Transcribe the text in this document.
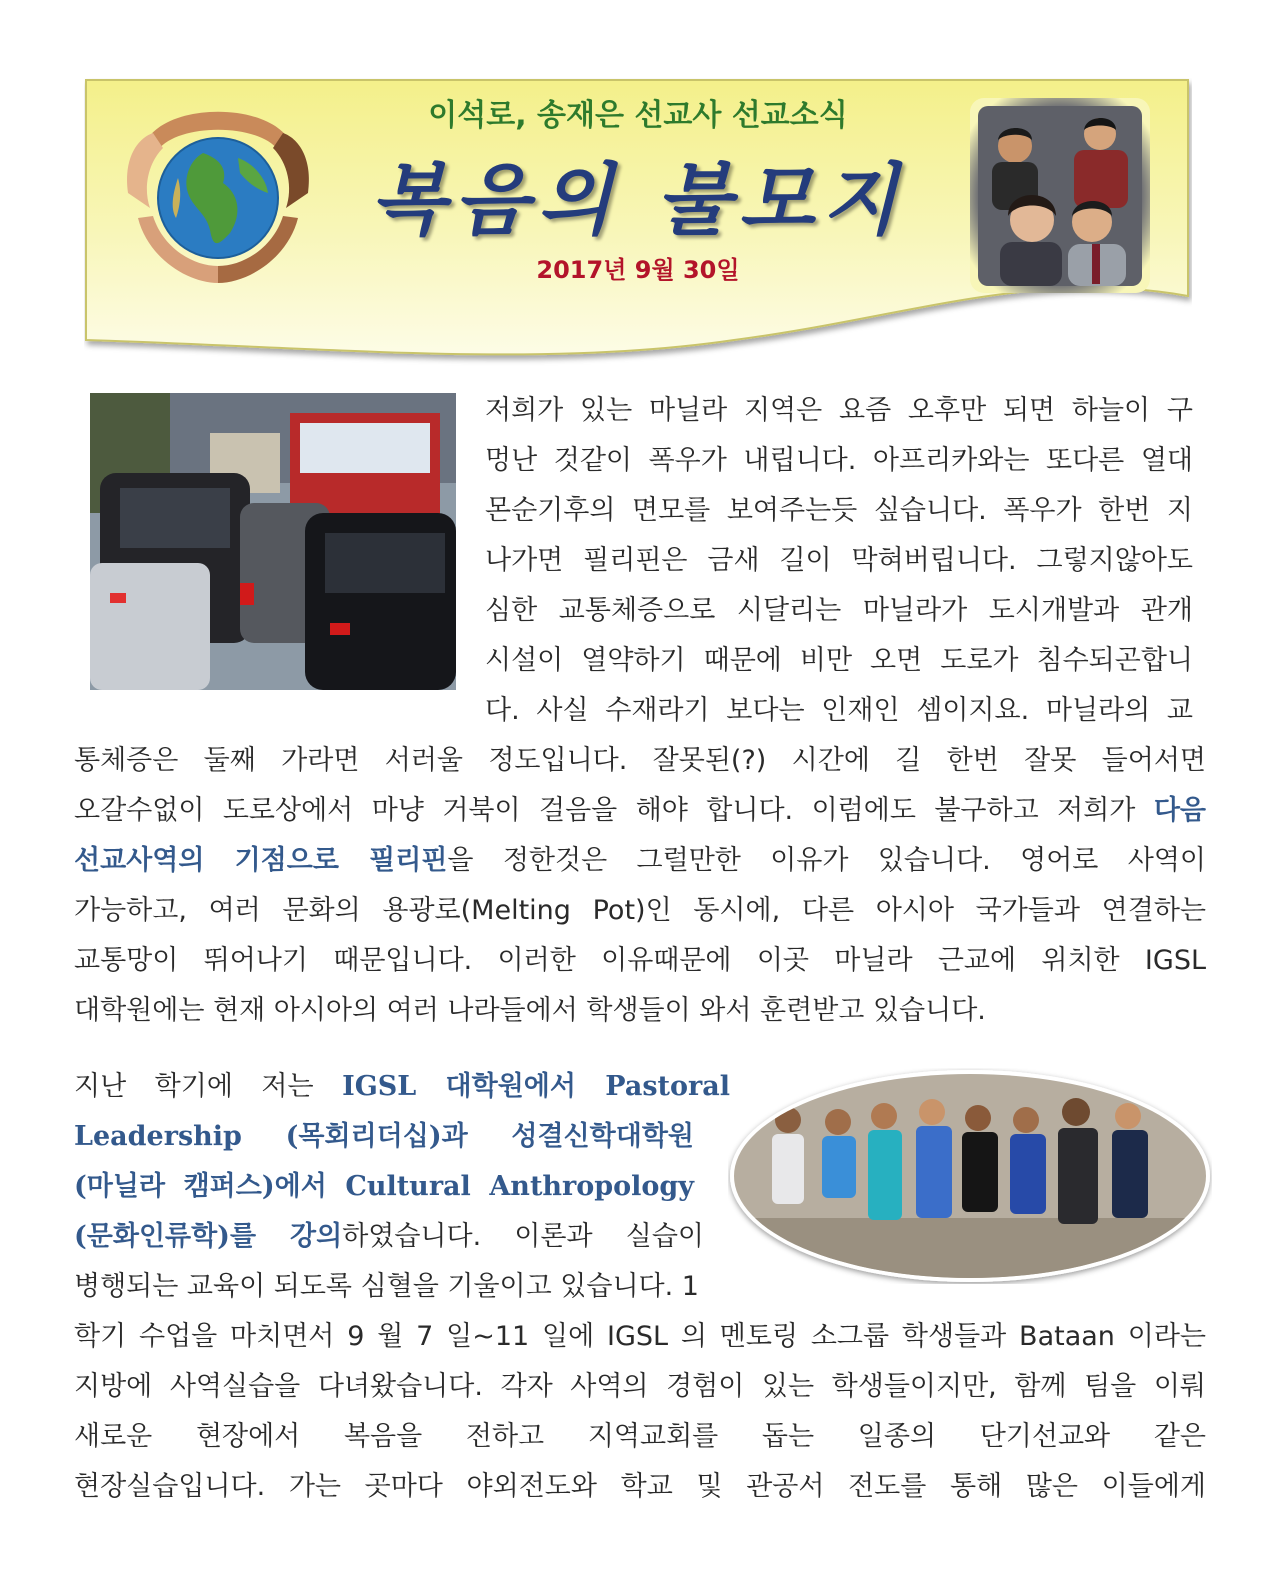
이석로, 송재은 선교사 선교소식
복음의 불모지
2017년 9월 30일
저희가 있는 마닐라 지역은 요즘 오후만 되면 하늘이 구
멍난 것같이 폭우가 내립니다. 아프리카와는 또다른 열대
몬순기후의 면모를 보여주는듯 싶습니다. 폭우가 한번 지
나가면 필리핀은 금새 길이 막혀버립니다. 그렇지않아도
심한 교통체증으로 시달리는 마닐라가 도시개발과 관개
시설이 열약하기 때문에 비만 오면 도로가 침수되곤합니
다. 사실 수재라기 보다는 인재인 셈이지요. 마닐라의 교
통체증은 둘째 가라면 서러울 정도입니다. 잘못된(?) 시간에 길 한번 잘못 들어서면
오갈수없이 도로상에서 마냥 거북이 걸음을 해야 합니다. 이럼에도 불구하고 저희가 다음
선교사역의 기점으로 필리핀을 정한것은 그럴만한 이유가 있습니다. 영어로 사역이
가능하고, 여러 문화의 용광로(Melting Pot)인 동시에, 다른 아시아 국가들과 연결하는
교통망이 뛰어나기 때문입니다. 이러한 이유때문에 이곳 마닐라 근교에 위치한 IGSL
대학원에는 현재 아시아의 여러 나라들에서 학생들이 와서 훈련받고 있습니다.
지난 학기에 저는 IGSL 대학원에서 Pastoral
Leadership (목회리더십)과 성결신학대학원
(마닐라 캠퍼스)에서 Cultural Anthropology
(문화인류학)를 강의하였습니다. 이론과 실습이
병행되는 교육이 되도록 심혈을 기울이고 있습니다. 1
학기 수업을 마치면서 9 월 7 일~11 일에 IGSL 의 멘토링 소그룹 학생들과 Bataan 이라는
지방에 사역실습을 다녀왔습니다. 각자 사역의 경험이 있는 학생들이지만, 함께 팀을 이뤄
새로운 현장에서 복음을 전하고 지역교회를 돕는 일종의 단기선교와 같은
현장실습입니다. 가는 곳마다 야외전도와 학교 및 관공서 전도를 통해 많은 이들에게
